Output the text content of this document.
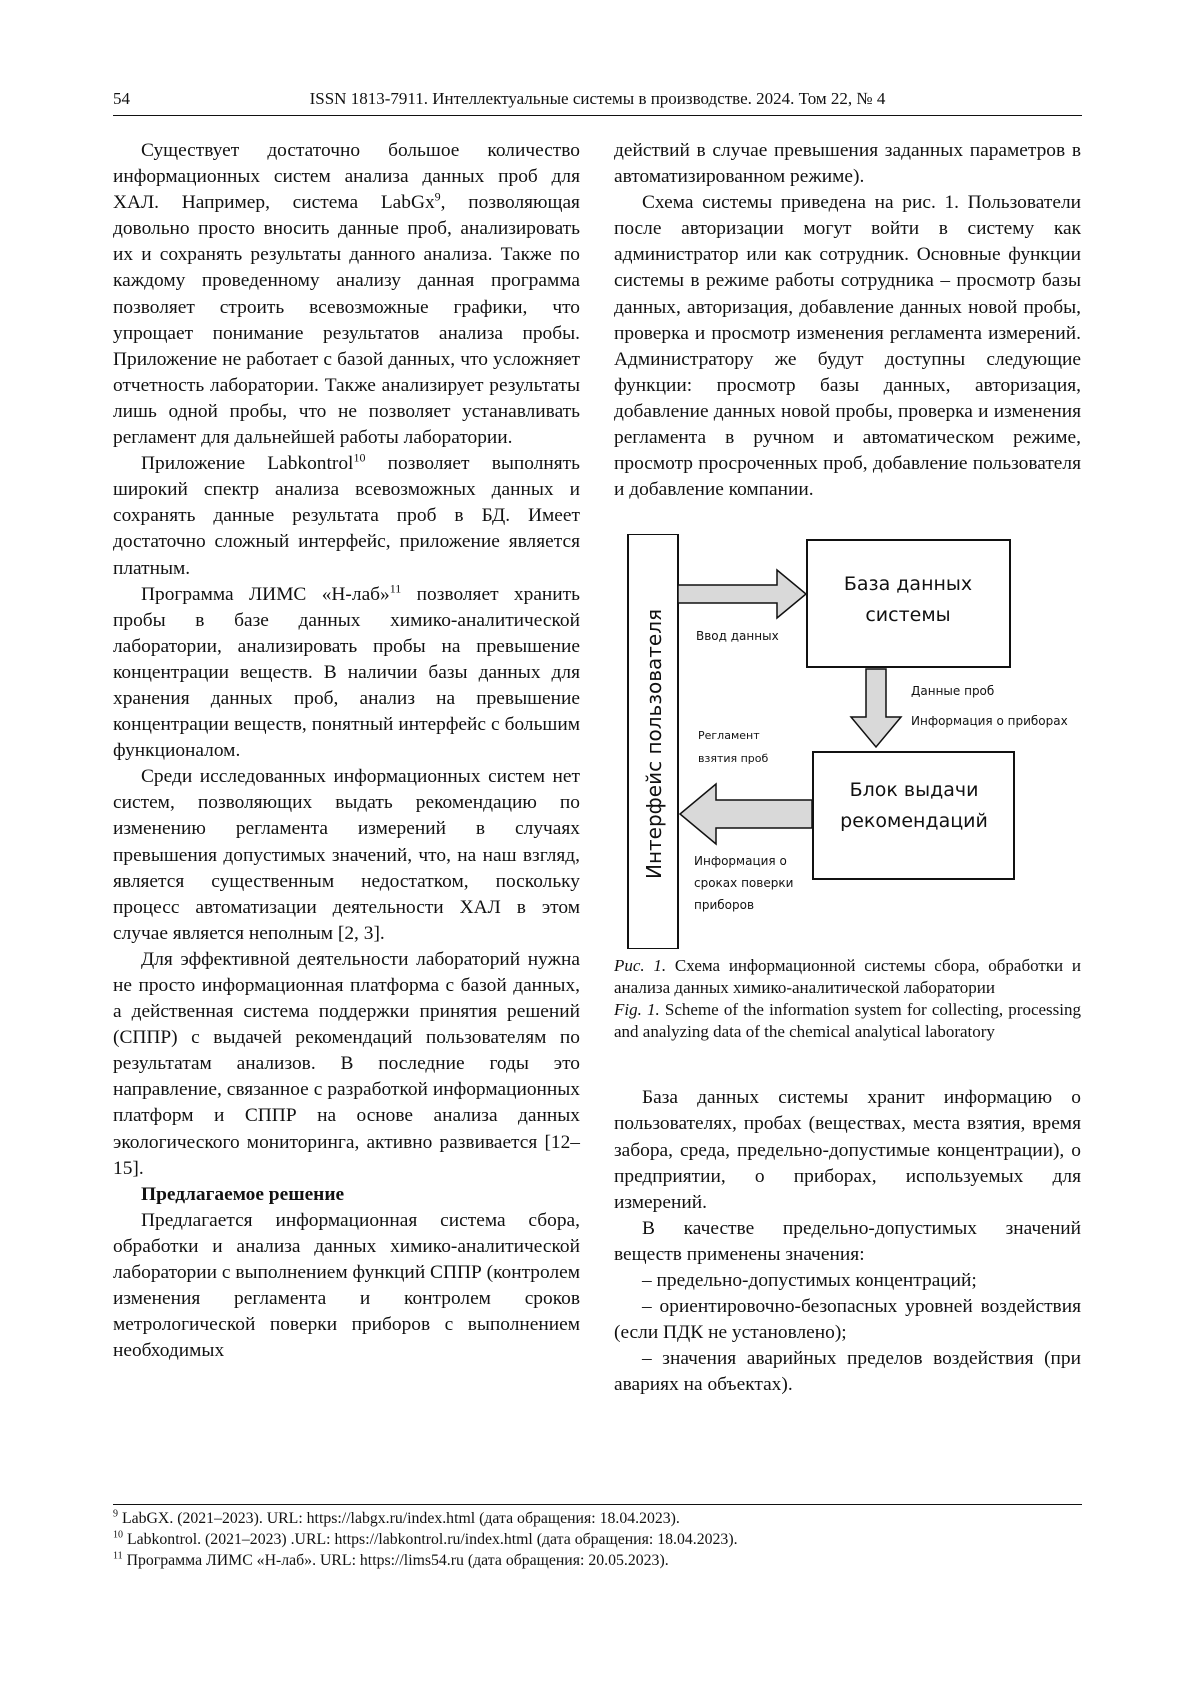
54	ISSN 1813-7911. Интеллектуальные системы в производстве. 2024. Том 22, № 4

Существует достаточно большое количество информационных систем анализа данных проб для ХАЛ. Например, система LabGx$^9$, позволяющая довольно просто вносить данные проб, анализировать их и сохранять результаты данного анализа. Также по каждому проведенному анализу данная программа позволяет строить всевозможные графики, что упрощает понимание результатов анализа пробы. Приложение не работает с базой данных, что усложняет отчетность лаборатории. Также анализирует результаты лишь одной пробы, что не позволяет устанавливать регламент для дальнейшей работы лаборатории.

Приложение Labkontrol$^{10}$ позволяет выполнять широкий спектр анализа всевозможных данных и сохранять данные результата проб в БД. Имеет достаточно сложный интерфейс, приложение является платным.

Программа ЛИМС «Н-лаб»$^{11}$ позволяет хранить пробы в базе данных химико-аналитической лаборатории, анализировать пробы на превышение концентрации веществ. В наличии базы данных для хранения данных проб, анализ на превышение концентрации веществ, понятный интерфейс с большим функционалом.

Среди исследованных информационных систем нет систем, позволяющих выдать рекомендацию по изменению регламента измерений в случаях превышения допустимых значений, что, на наш взгляд, является существенным недостатком, поскольку процесс автоматизации деятельности ХАЛ в этом случае является неполным [2, 3].

Для эффективной деятельности лабораторий нужна не просто информационная платформа с базой данных, а действенная система поддержки принятия решений (СППР) с выдачей рекомендаций пользователям по результатам анализов. В последние годы это направление, связанное с разработкой информационных платформ и СППР на основе анализа данных экологического мониторинга, активно развивается [12–15].

Предлагаемое решение

Предлагается информационная система сбора, обработки и анализа данных химико-аналитической лаборатории с выполнением функций СППР (контролем изменения регламента и контролем сроков метрологической поверки приборов с выполнением необходимых

действий в случае превышения заданных параметров в автоматизированном режиме).

Схема системы приведена на рис. 1. Пользователи после авторизации могут войти в систему как администратор или как сотрудник. Основные функции системы в режиме работы сотрудника – просмотр базы данных, авторизация, добавление данных новой пробы, проверка и просмотр изменения регламента измерений. Администратору же будут доступны следующие функции: просмотр базы данных, авторизация, добавление данных новой пробы, проверка и изменения регламента в ручном и автоматическом режиме, просмотр просроченных проб, добавление пользователя и добавление компании.

Интерфейс пользователя
База данных
системы
Ввод данных
Данные проб
Информация о приборах
Регламент
взятия проб
Блок выдачи
рекомендаций
Информация о
сроках поверки
приборов

Рис. 1. Схема информационной системы сбора, обработки и анализа данных химико-аналитической лаборатории

Fig. 1. Scheme of the information system for collecting, processing and analyzing data of the chemical analytical laboratory

База данных системы хранит информацию о пользователях, пробах (веществах, места взятия, время забора, среда, предельно-допустимые концентрации), о предприятии, о приборах, используемых для измерений.

В качестве предельно-допустимых значений веществ применены значения:

– предельно-допустимых концентраций;

– ориентировочно-безопасных уровней воздействия (если ПДК не установлено);

– значения аварийных пределов воздействия (при авариях на объектах).

$^9$ LabGX. (2021–2023). URL: https://labgx.ru/index.html (дата обращения: 18.04.2023).
$^{10}$ Labkontrol. (2021–2023) .URL: https://labkontrol.ru/index.html (дата обращения: 18.04.2023).
$^{11}$ Программа ЛИМС «Н-лаб». URL: https://lims54.ru (дата обращения: 20.05.2023).
